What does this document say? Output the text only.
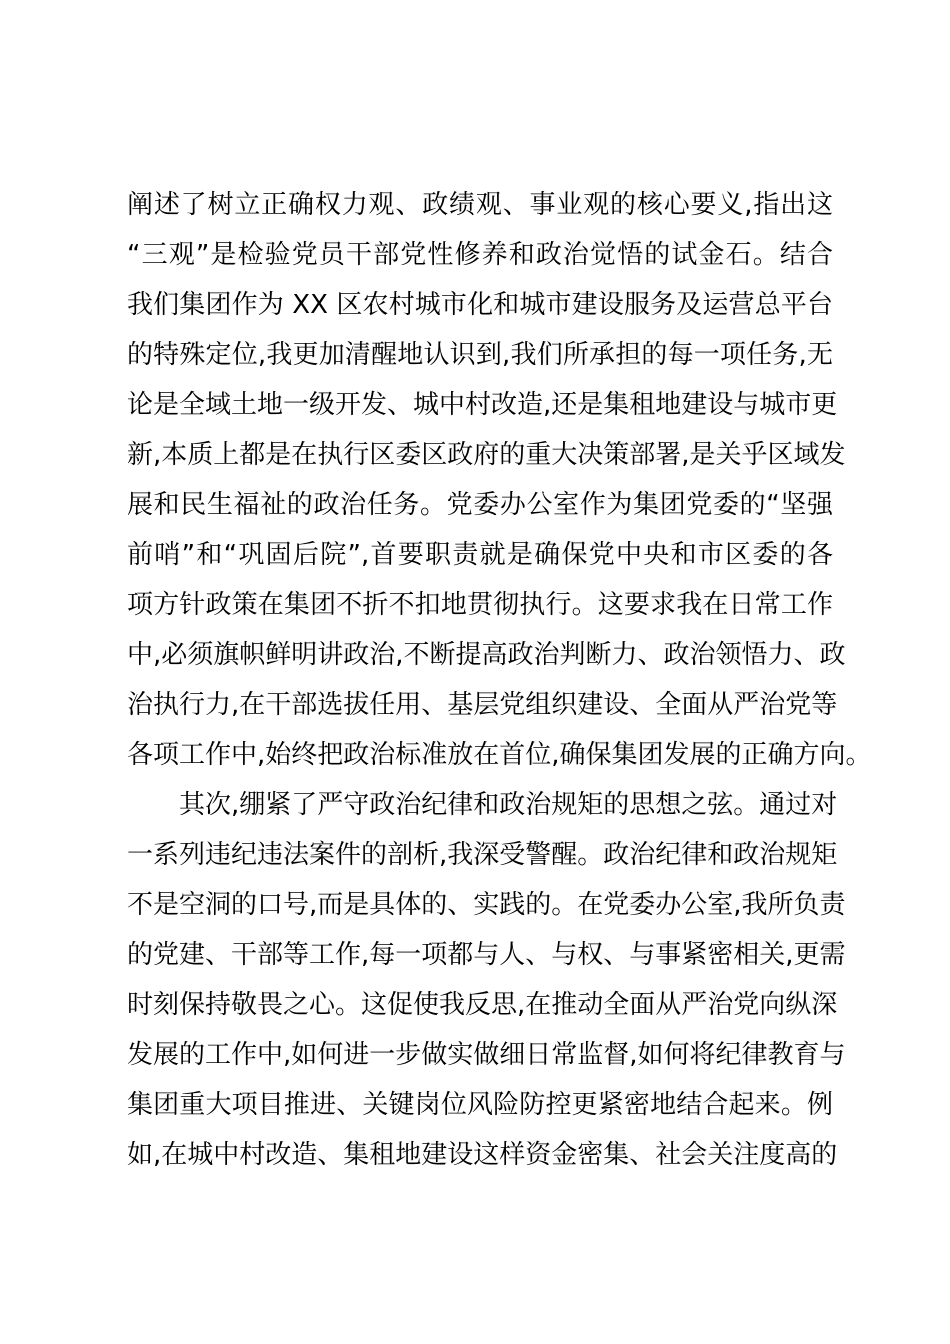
阐述了树立正确权力观、政绩观、事业观的核心要义,指出这
“三观”是检验党员干部党性修养和政治觉悟的试金石。结合
我们集团作为 XX 区农村城市化和城市建设服务及运营总平台
的特殊定位,我更加清醒地认识到,我们所承担的每一项任务,无
论是全域土地一级开发、城中村改造,还是集租地建设与城市更
新,本质上都是在执行区委区政府的重大决策部署,是关乎区域发
展和民生福祉的政治任务。党委办公室作为集团党委的“坚强
前哨”和“巩固后院”,首要职责就是确保党中央和市区委的各
项方针政策在集团不折不扣地贯彻执行。这要求我在日常工作
中,必须旗帜鲜明讲政治,不断提高政治判断力、政治领悟力、政
治执行力,在干部选拔任用、基层党组织建设、全面从严治党等
各项工作中,始终把政治标准放在首位,确保集团发展的正确方向。
其次,绷紧了严守政治纪律和政治规矩的思想之弦。通过对
一系列违纪违法案件的剖析,我深受警醒。政治纪律和政治规矩
不是空洞的口号,而是具体的、实践的。在党委办公室,我所负责
的党建、干部等工作,每一项都与人、与权、与事紧密相关,更需
时刻保持敬畏之心。这促使我反思,在推动全面从严治党向纵深
发展的工作中,如何进一步做实做细日常监督,如何将纪律教育与
集团重大项目推进、关键岗位风险防控更紧密地结合起来。例
如,在城中村改造、集租地建设这样资金密集、社会关注度高的
